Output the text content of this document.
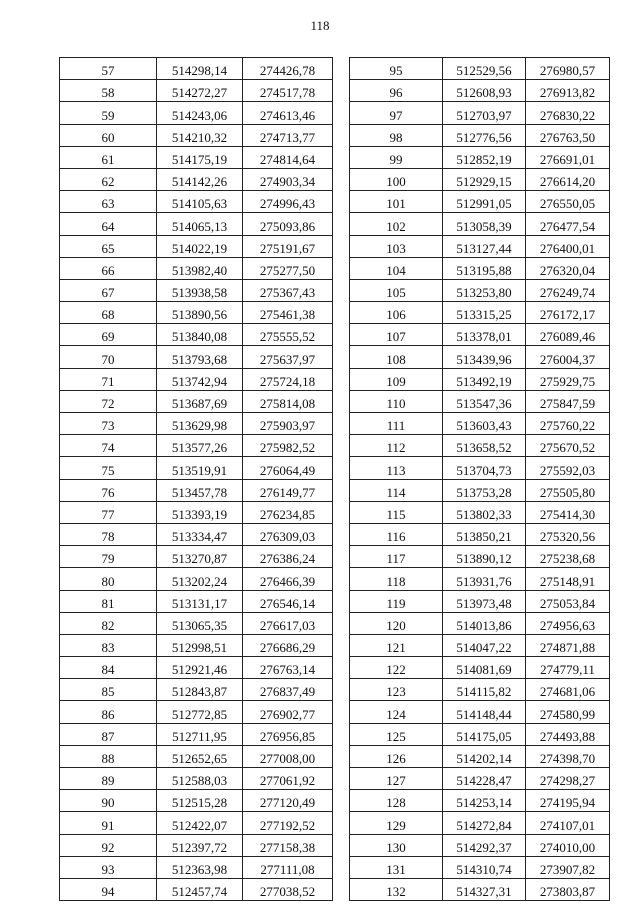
118
57	514298,14	274426,78
58	514272,27	274517,78
59	514243,06	274613,46
60	514210,32	274713,77
61	514175,19	274814,64
62	514142,26	274903,34
63	514105,63	274996,43
64	514065,13	275093,86
65	514022,19	275191,67
66	513982,40	275277,50
67	513938,58	275367,43
68	513890,56	275461,38
69	513840,08	275555,52
70	513793,68	275637,97
71	513742,94	275724,18
72	513687,69	275814,08
73	513629,98	275903,97
74	513577,26	275982,52
75	513519,91	276064,49
76	513457,78	276149,77
77	513393,19	276234,85
78	513334,47	276309,03
79	513270,87	276386,24
80	513202,24	276466,39
81	513131,17	276546,14
82	513065,35	276617,03
83	512998,51	276686,29
84	512921,46	276763,14
85	512843,87	276837,49
86	512772,85	276902,77
87	512711,95	276956,85
88	512652,65	277008,00
89	512588,03	277061,92
90	512515,28	277120,49
91	512422,07	277192,52
92	512397,72	277158,38
93	512363,98	277111,08
94	512457,74	277038,52
95	512529,56	276980,57
96	512608,93	276913,82
97	512703,97	276830,22
98	512776,56	276763,50
99	512852,19	276691,01
100	512929,15	276614,20
101	512991,05	276550,05
102	513058,39	276477,54
103	513127,44	276400,01
104	513195,88	276320,04
105	513253,80	276249,74
106	513315,25	276172,17
107	513378,01	276089,46
108	513439,96	276004,37
109	513492,19	275929,75
110	513547,36	275847,59
111	513603,43	275760,22
112	513658,52	275670,52
113	513704,73	275592,03
114	513753,28	275505,80
115	513802,33	275414,30
116	513850,21	275320,56
117	513890,12	275238,68
118	513931,76	275148,91
119	513973,48	275053,84
120	514013,86	274956,63
121	514047,22	274871,88
122	514081,69	274779,11
123	514115,82	274681,06
124	514148,44	274580,99
125	514175,05	274493,88
126	514202,14	274398,70
127	514228,47	274298,27
128	514253,14	274195,94
129	514272,84	274107,01
130	514292,37	274010,00
131	514310,74	273907,82
132	514327,31	273803,87
